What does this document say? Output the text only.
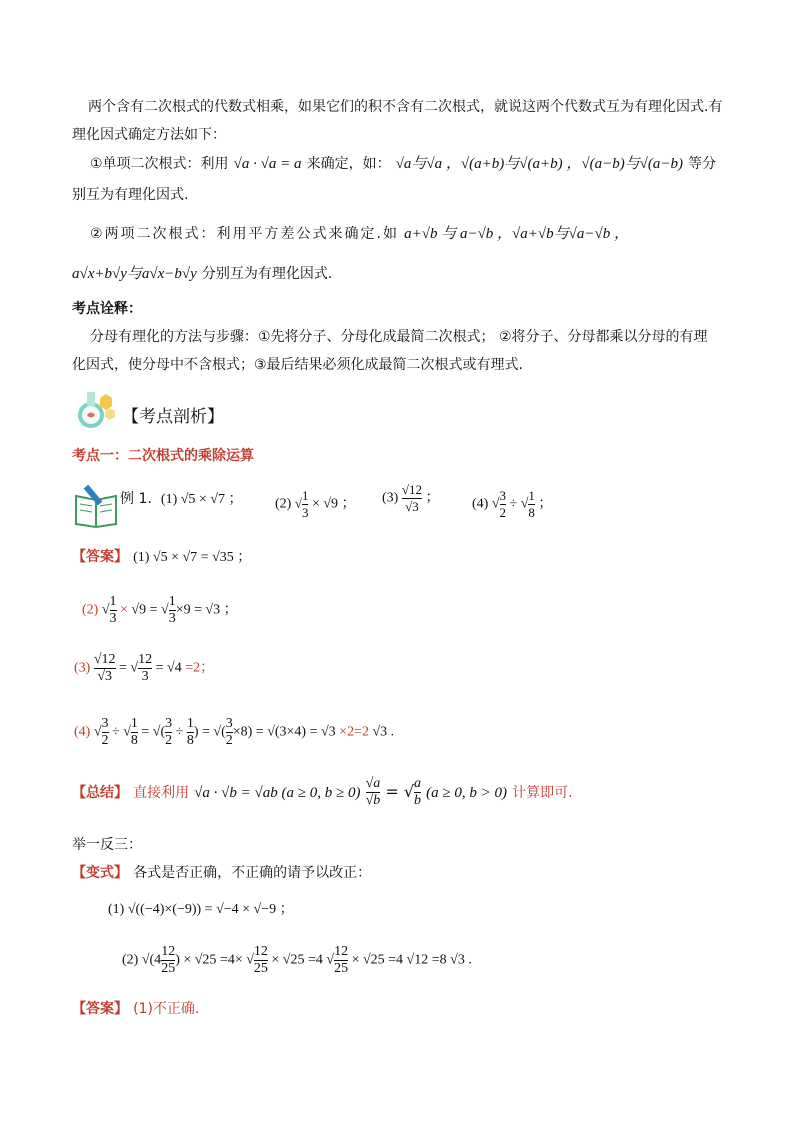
两个含有二次根式的代数式相乘，如果它们的积不含有二次根式，就说这两个代数式互为有理化因式.有
理化因式确定方法如下：
①单项二次根式：利用 √a · √a = a 来确定，如： √a与√a ，√(a+b)与√(a+b) ，√(a−b)与√(a−b) 等分
别互为有理化因式.
②两项二次根式：利用平方差公式来确定.如 a+√b 与 a−√b ，√a+√b与√a−√b ，
a√x+b√y与a√x−b√y 分别互为有理化因式.
考点诠释：
分母有理化的方法与步骤：①先将分子、分母化成最简二次根式； ②将分子、分母都乘以分母的有理
化因式，使分母中不含根式；③最后结果必须化成最简二次根式或有理式.
【考点剖析】
考点一：二次根式的乘除运算
例 1. (1) √5 × √7 ； (2) √ $\frac{1}{3} \times √9$ ； $(3) \frac{√12}{√3}$ ； (4) √ $\frac{3}{2}$ ÷ √ $\frac{1}{8}$ ；
【答案】 (1) √5 × √7 = √35 ；
(2) √ $\frac{1}{3} \times √9$ = √ $\frac{1}{3} \times 9 = √3$ ；
$(3) \frac{√12}{√3}$ = √ $\frac{12}{3} = √4 =2$；
(4) √ $\frac{3}{2}$ ÷ √ $\frac{1}{8}$ = √( $\frac{3}{2} \div \frac{1}{8}$ ) = √( $\frac{3}{2} \times 8) = √(3\times 4) = √3 \times 2=2$ √3 .
【总结】 直接利用 √a · √b = √ab (a ≥ 0, $b \ge 0) \frac{√a}{√b}$ = √ $\frac{a}{b} (a \ge 0$, b > 0) 计算即可.
举一反三：
【变式】 各式是否正确，不正确的请予以改正：
(1) √((−4)×(−9)) = √−4 × √−9 ；
(2) $√(4 \frac{12}{25}$ ) × √25 =4× √ $\frac{12}{25} \times √25 =4$ √ $\frac{12}{25} \times √25 =4$ √12 =8 √3 .
【答案】 (1)不正确.
